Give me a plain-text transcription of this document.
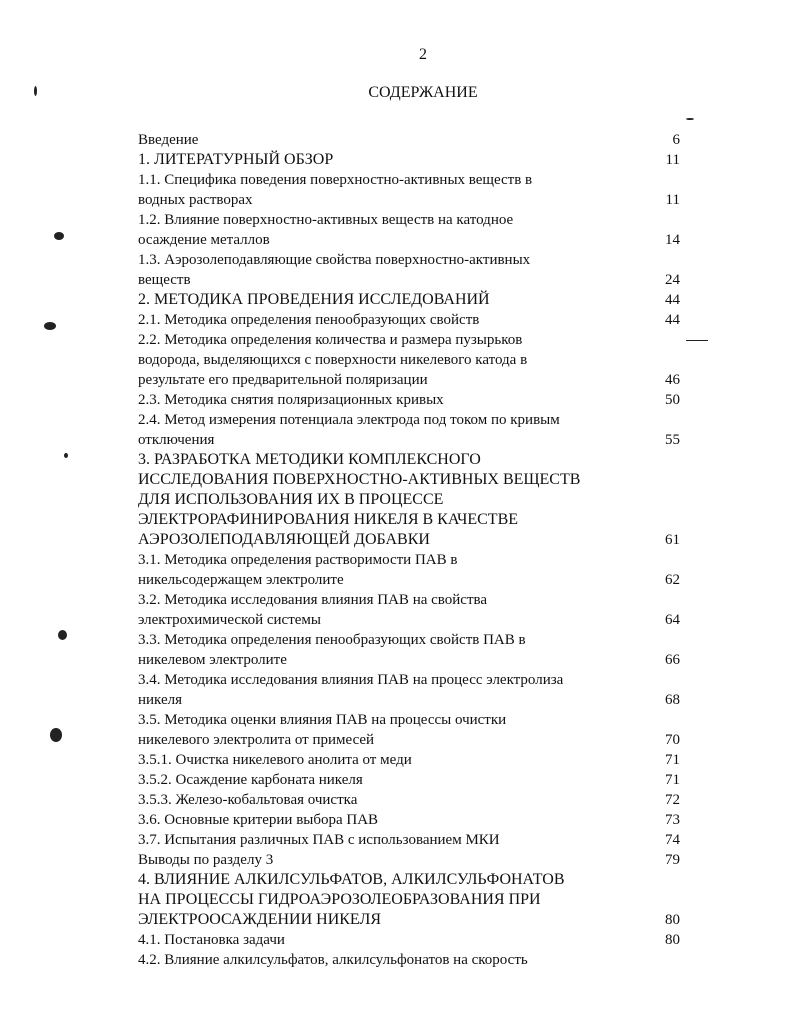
2
СОДЕРЖАНИЕ
Введение	6
1. ЛИТЕРАТУРНЫЙ ОБЗОР	11
1.1. Специфика поведения поверхностно-активных веществ в
водных растворах	11
1.2. Влияние поверхностно-активных веществ на катодное
осаждение металлов	14
1.3. Аэрозолеподавляющие свойства поверхностно-активных
веществ	24
2. МЕТОДИКА ПРОВЕДЕНИЯ ИССЛЕДОВАНИЙ	44
2.1. Методика определения пенообразующих свойств	44
2.2. Методика определения количества и размера пузырьков
водорода, выделяющихся с поверхности никелевого катода в
результате его предварительной поляризации	46
2.3. Методика снятия поляризационных кривых	50
2.4. Метод измерения потенциала электрода под током по кривым
отключения	55
3. РАЗРАБОТКА МЕТОДИКИ КОМПЛЕКСНОГО
ИССЛЕДОВАНИЯ ПОВЕРХНОСТНО-АКТИВНЫХ ВЕЩЕСТВ
ДЛЯ ИСПОЛЬЗОВАНИЯ ИХ В ПРОЦЕССЕ
ЭЛЕКТРОРАФИНИРОВАНИЯ НИКЕЛЯ В КАЧЕСТВЕ
АЭРОЗОЛЕПОДАВЛЯЮЩЕЙ ДОБАВКИ	61
3.1. Методика определения растворимости ПАВ в
никельсодержащем электролите	62
3.2. Методика исследования влияния ПАВ на свойства
электрохимической системы	64
3.3. Методика определения пенообразующих свойств ПАВ в
никелевом электролите	66
3.4. Методика исследования влияния ПАВ на процесс электролиза
никеля	68
3.5. Методика оценки влияния ПАВ на процессы очистки
никелевого электролита от примесей	70
3.5.1. Очистка никелевого анолита от меди	71
3.5.2. Осаждение карбоната никеля	71
3.5.3. Железо-кобальтовая очистка	72
3.6. Основные критерии выбора ПАВ	73
3.7. Испытания различных ПАВ с использованием МКИ	74
Выводы по разделу 3	79
4. ВЛИЯНИЕ АЛКИЛСУЛЬФАТОВ, АЛКИЛСУЛЬФОНАТОВ
НА ПРОЦЕССЫ ГИДРОАЭРОЗОЛЕОБРАЗОВАНИЯ ПРИ
ЭЛЕКТРООСАЖДЕНИИ НИКЕЛЯ	80
4.1. Постановка задачи	80
4.2. Влияние алкилсульфатов, алкилсульфонатов на скорость
